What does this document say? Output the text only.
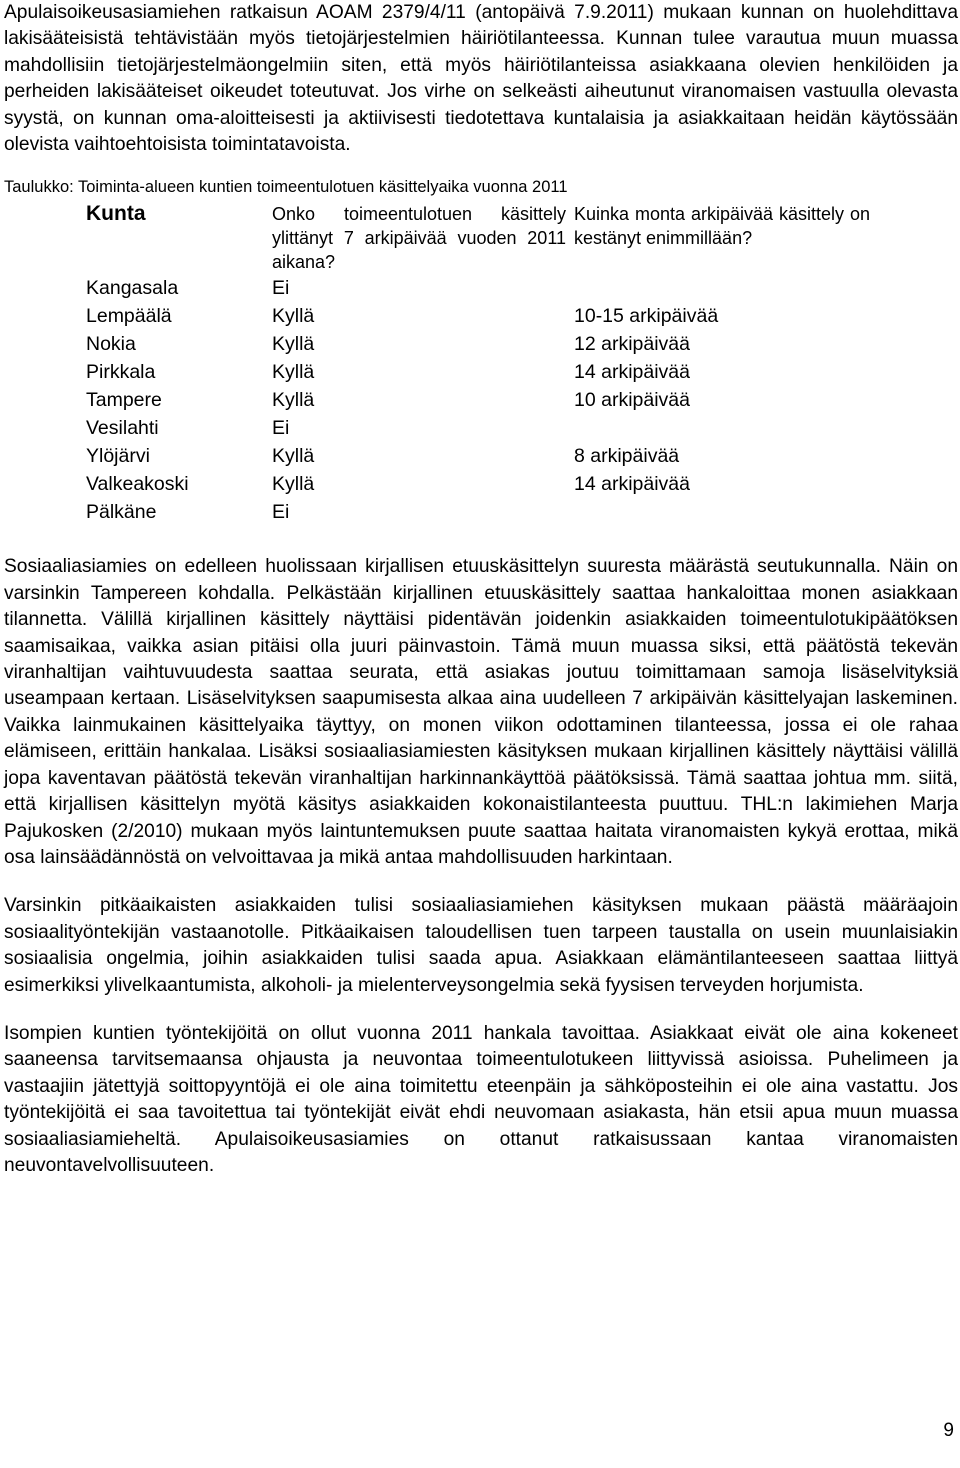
Apulaisoikeusasiamiehen ratkaisun AOAM 2379/4/11 (antopäivä 7.9.2011) mukaan kunnan on huolehdittava lakisääteisistä tehtävistään myös tietojärjestelmien häiriötilanteessa. Kunnan tulee varautua muun muassa mahdollisiin tietojärjestelmäongelmiin siten, että myös häiriötilanteissa asiakkaana olevien henkilöiden ja perheiden lakisääteiset oikeudet toteutuvat. Jos virhe on selkeästi aiheutunut viranomaisen vastuulla olevasta syystä, on kunnan oma-aloitteisesti ja aktiivisesti tiedotettava kuntalaisia ja asiakkaitaan heidän käytössään olevista vaihtoehtoisista toimintatavoista.

Taulukko: Toiminta-alueen kuntien toimeentulotuen käsittelyaika vuonna 2011
Kunta	Onko toimeentulotuen käsittely ylittänyt 7 arkipäivää vuoden 2011 aikana?	Kuinka monta arkipäivää käsittely on kestänyt enimmillään?
Kangasala	Ei	
Lempäälä	Kyllä	10-15 arkipäivää
Nokia	Kyllä	12 arkipäivää
Pirkkala	Kyllä	14 arkipäivää
Tampere	Kyllä	10 arkipäivää
Vesilahti	Ei	
Ylöjärvi	Kyllä	8 arkipäivää
Valkeakoski	Kyllä	14 arkipäivää
Pälkäne	Ei	

Sosiaaliasiamies on edelleen huolissaan kirjallisen etuuskäsittelyn suuresta määrästä seutukunnalla. Näin on varsinkin Tampereen kohdalla. Pelkästään kirjallinen etuuskäsittely saattaa hankaloittaa monen asiakkaan tilannetta. Välillä kirjallinen käsittely näyttäisi pidentävän joidenkin asiakkaiden toimeentulotukipäätöksen saamisaikaa, vaikka asian pitäisi olla juuri päinvastoin. Tämä muun muassa siksi, että päätöstä tekevän viranhaltijan vaihtuvuudesta saattaa seurata, että asiakas joutuu toimittamaan samoja lisäselvityksiä useampaan kertaan. Lisäselvityksen saapumisesta alkaa aina uudelleen 7 arkipäivän käsittelyajan laskeminen. Vaikka lainmukainen käsittelyaika täyttyy, on monen viikon odottaminen tilanteessa, jossa ei ole rahaa elämiseen, erittäin hankalaa. Lisäksi sosiaaliasiamiesten käsityksen mukaan kirjallinen käsittely näyttäisi välillä jopa kaventavan päätöstä tekevän viranhaltijan harkinnankäyttöä päätöksissä. Tämä saattaa johtua mm. siitä, että kirjallisen käsittelyn myötä käsitys asiakkaiden kokonaistilanteesta puuttuu. THL:n lakimiehen Marja Pajukosken (2/2010) mukaan myös laintuntemuksen puute saattaa haitata viranomaisten kykyä erottaa, mikä osa lainsäädännöstä on velvoittavaa ja mikä antaa mahdollisuuden harkintaan.

Varsinkin pitkäaikaisten asiakkaiden tulisi sosiaaliasiamiehen käsityksen mukaan päästä määräajoin sosiaalityöntekijän vastaanotolle. Pitkäaikaisen taloudellisen tuen tarpeen taustalla on usein muunlaisiakin sosiaalisia ongelmia, joihin asiakkaiden tulisi saada apua. Asiakkaan elämäntilanteeseen saattaa liittyä esimerkiksi ylivelkaantumista, alkoholi- ja mielenterveysongelmia sekä fyysisen terveyden horjumista.

Isompien kuntien työntekijöitä on ollut vuonna 2011 hankala tavoittaa. Asiakkaat eivät ole aina kokeneet saaneensa tarvitsemaansa ohjausta ja neuvontaa toimeentulotukeen liittyvissä asioissa. Puhelimeen ja vastaajiin jätettyjä soittopyyntöjä ei ole aina toimitettu eteenpäin ja sähköposteihin ei ole aina vastattu. Jos työntekijöitä ei saa tavoitettua tai työntekijät eivät ehdi neuvomaan asiakasta, hän etsii apua muun muassa sosiaaliasiamieheltä. Apulaisoikeusasiamies on ottanut ratkaisussaan kantaa viranomaisten neuvontavelvollisuuteen.

9
